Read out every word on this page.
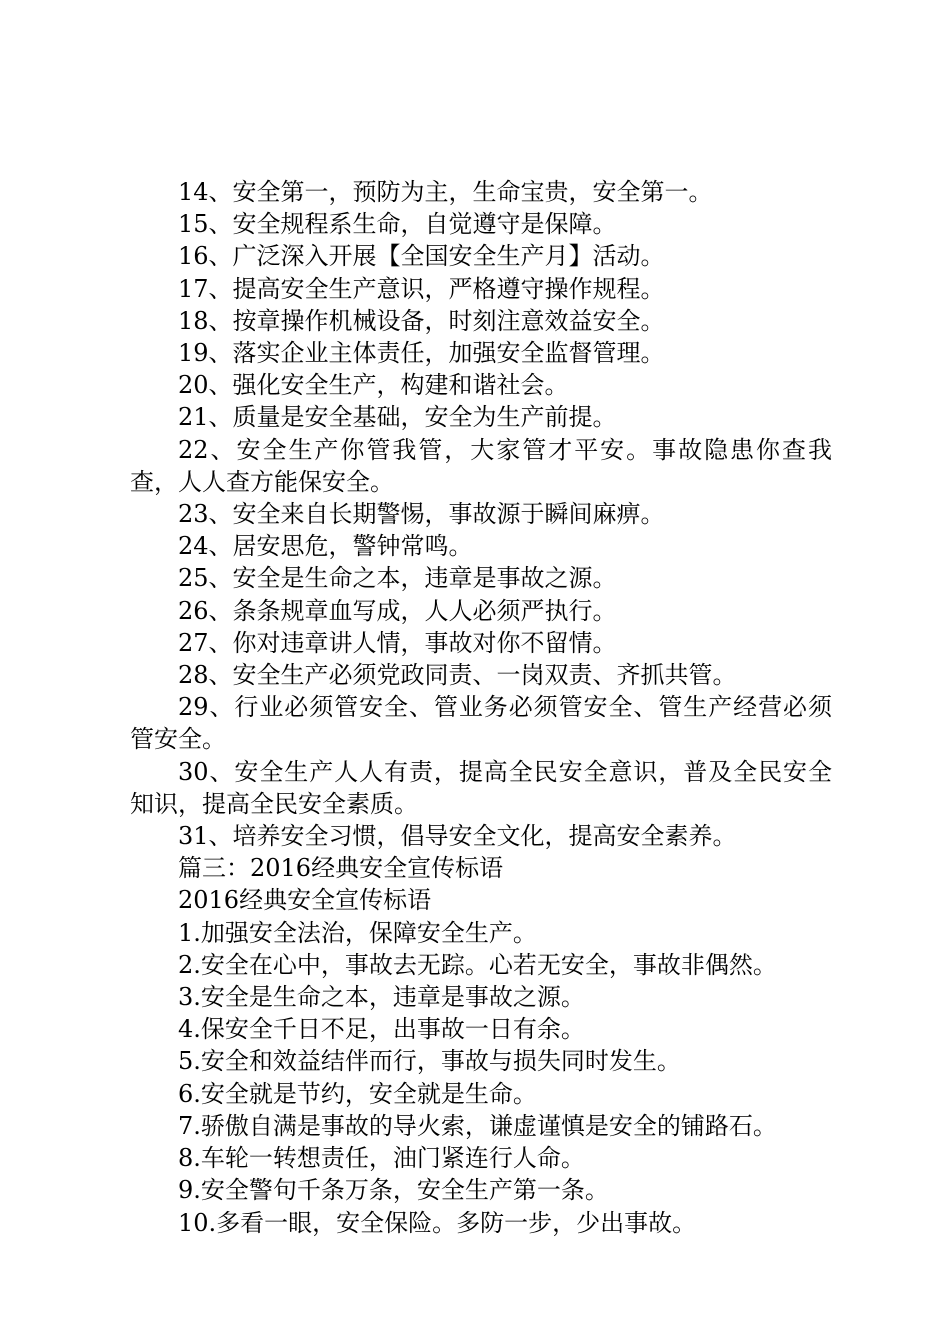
14、安全第一，预防为主，生命宝贵，安全第一。

15、安全规程系生命，自觉遵守是保障。

16、广泛深入开展【全国安全生产月】活动。

17、提高安全生产意识，严格遵守操作规程。

18、按章操作机械设备，时刻注意效益安全。

19、落实企业主体责任，加强安全监督管理。

20、强化安全生产，构建和谐社会。

21、质量是安全基础，安全为生产前提。

22、安全生产你管我管，大家管才平安。事故隐患你查我查，人人查方能保安全。

23、安全来自长期警惕，事故源于瞬间麻痹。

24、居安思危，警钟常鸣。

25、安全是生命之本，违章是事故之源。

26、条条规章血写成，人人必须严执行。

27、你对违章讲人情，事故对你不留情。

28、安全生产必须党政同责、一岗双责、齐抓共管。

29、行业必须管安全、管业务必须管安全、管生产经营必须管安全。

30、安全生产人人有责，提高全民安全意识，普及全民安全知识，提高全民安全素质。

31、培养安全习惯，倡导安全文化，提高安全素养。

篇三：2016经典安全宣传标语

2016经典安全宣传标语

1.加强安全法治，保障安全生产。

2.安全在心中，事故去无踪。心若无安全，事故非偶然。

3.安全是生命之本，违章是事故之源。

4.保安全千日不足，出事故一日有余。

5.安全和效益结伴而行，事故与损失同时发生。

6.安全就是节约，安全就是生命。

7.骄傲自满是事故的导火索，谦虚谨慎是安全的铺路石。

8.车轮一转想责任，油门紧连行人命。

9.安全警句千条万条，安全生产第一条。

10.多看一眼，安全保险。多防一步，少出事故。
